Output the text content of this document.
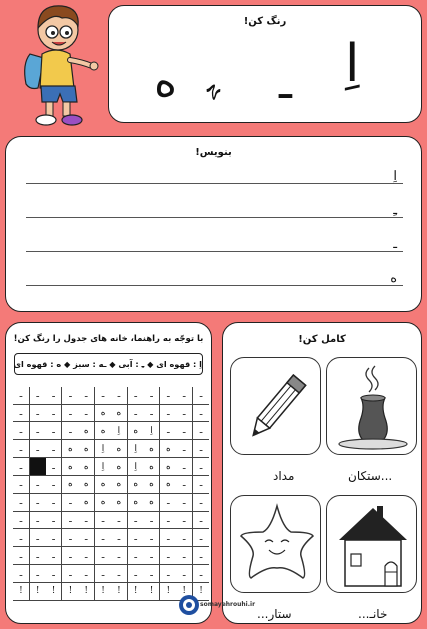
رنگ کن!
ﻩ ﮩ ـ اِ
بنویس!
اِ
ـِ
ـ
ه
با توجّه به راهنما، خانه های جدول را رنگ کن!
اِ : قهوه ای ◆ ـِ : آبی ◆ ـه : سبز ◆ ه : قهوه ای
ـ	ـ	ـ	ـ	ـ	ـ	ـ	ـ	ـ	ـ	ـ	ـ
ـ	ـ	ـ	ـ	ـ	ه	ه	ـ	ـ	ـ	ـ	ـ
ـ	ـ	ـ	ـ	ه	ه	اِ	ه	اِ	ـ	ـ	ـ
ـ	ـ	ـ	ه	ه	اِ	ه	اِ	ه	ه	ـ	ـ
ـ		ـ	ه	ه	اِ	ه	اِ	ه	ه	ـ	ـ
ـ	ـ	ـ	ه	ه	ه	ه	ه	ه	ه	ـ	ـ
ـ	ـ	ـ	ـ	ه	ه	ه	ه	ه	ـ	ـ	ـ
ـ	ـ	ـ	ـ	ـ	ـ	ـ	ـ	ـ	ـ	ـ	ـ
ـ	ـ	ـ	ـ	ـ	ـ	ـ	ـ	ـ	ـ	ـ	ـ
ـ	ـ	ـ	ـ	ـ	ـ	ـ	ـ	ـ	ـ	ـ	ـ
ـ	ـ	ـ	ـ	ـ	ـ	ـ	ـ	ـ	ـ	ـ	ـ
!	!	!	!	!	!	!	!	!	!	!	!
کامل کن!
...ستکان
مداد
خانـ...
ستار...
somayehrouhi.ir
